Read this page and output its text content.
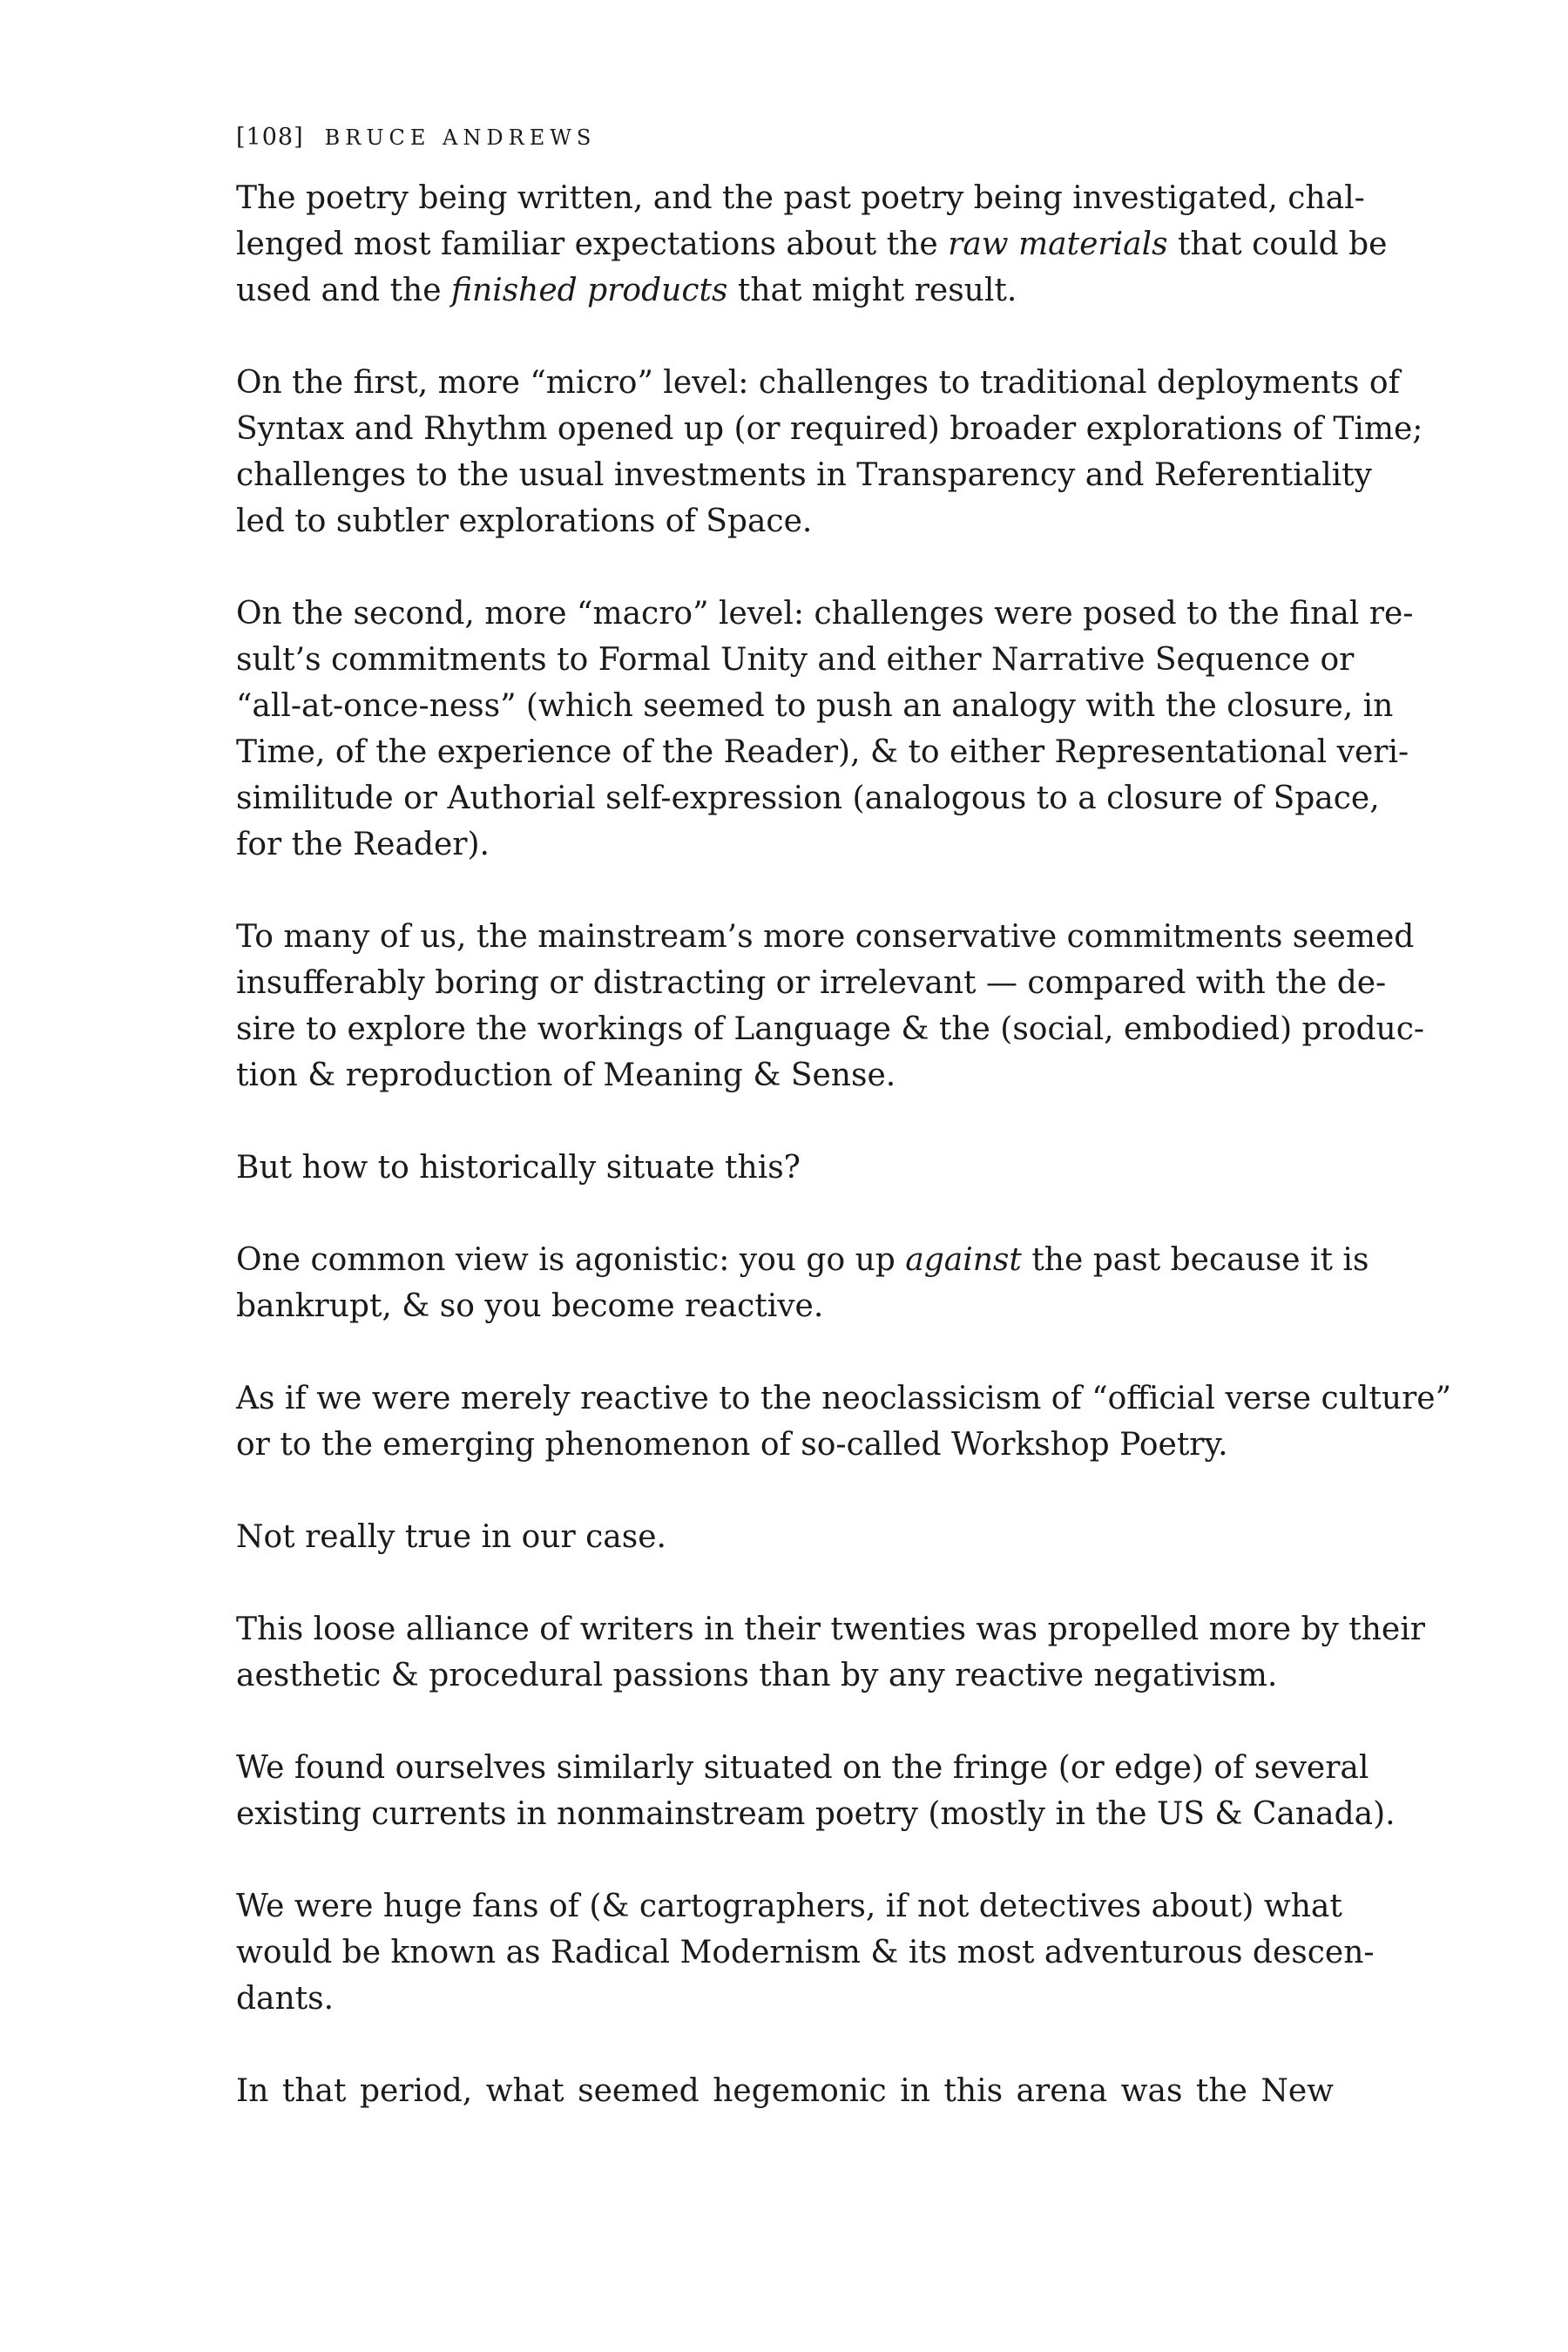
[108] BRUCE ANDREWS

The poetry being written, and the past poetry being investigated, chal-
lenged most familiar expectations about the raw materials that could be
used and the finished products that might result.

On the first, more “micro” level: challenges to traditional deployments of
Syntax and Rhythm opened up (or required) broader explorations of Time;
challenges to the usual investments in Transparency and Referentiality
led to subtler explorations of Space.

On the second, more “macro” level: challenges were posed to the final re-
sult’s commitments to Formal Unity and either Narrative Sequence or
“all-at-once-ness” (which seemed to push an analogy with the closure, in
Time, of the experience of the Reader), & to either Representational veri-
similitude or Authorial self-expression (analogous to a closure of Space,
for the Reader).

To many of us, the mainstream’s more conservative commitments seemed
insufferably boring or distracting or irrelevant — compared with the de-
sire to explore the workings of Language & the (social, embodied) produc-
tion & reproduction of Meaning & Sense.

But how to historically situate this?

One common view is agonistic: you go up against the past because it is
bankrupt, & so you become reactive.

As if we were merely reactive to the neoclassicism of “official verse culture”
or to the emerging phenomenon of so-called Workshop Poetry.

Not really true in our case.

This loose alliance of writers in their twenties was propelled more by their
aesthetic & procedural passions than by any reactive negativism.

We found ourselves similarly situated on the fringe (or edge) of several
existing currents in nonmainstream poetry (mostly in the US & Canada).

We were huge fans of (& cartographers, if not detectives about) what
would be known as Radical Modernism & its most adventurous descen-
dants.

In that period, what seemed hegemonic in this arena was the New
